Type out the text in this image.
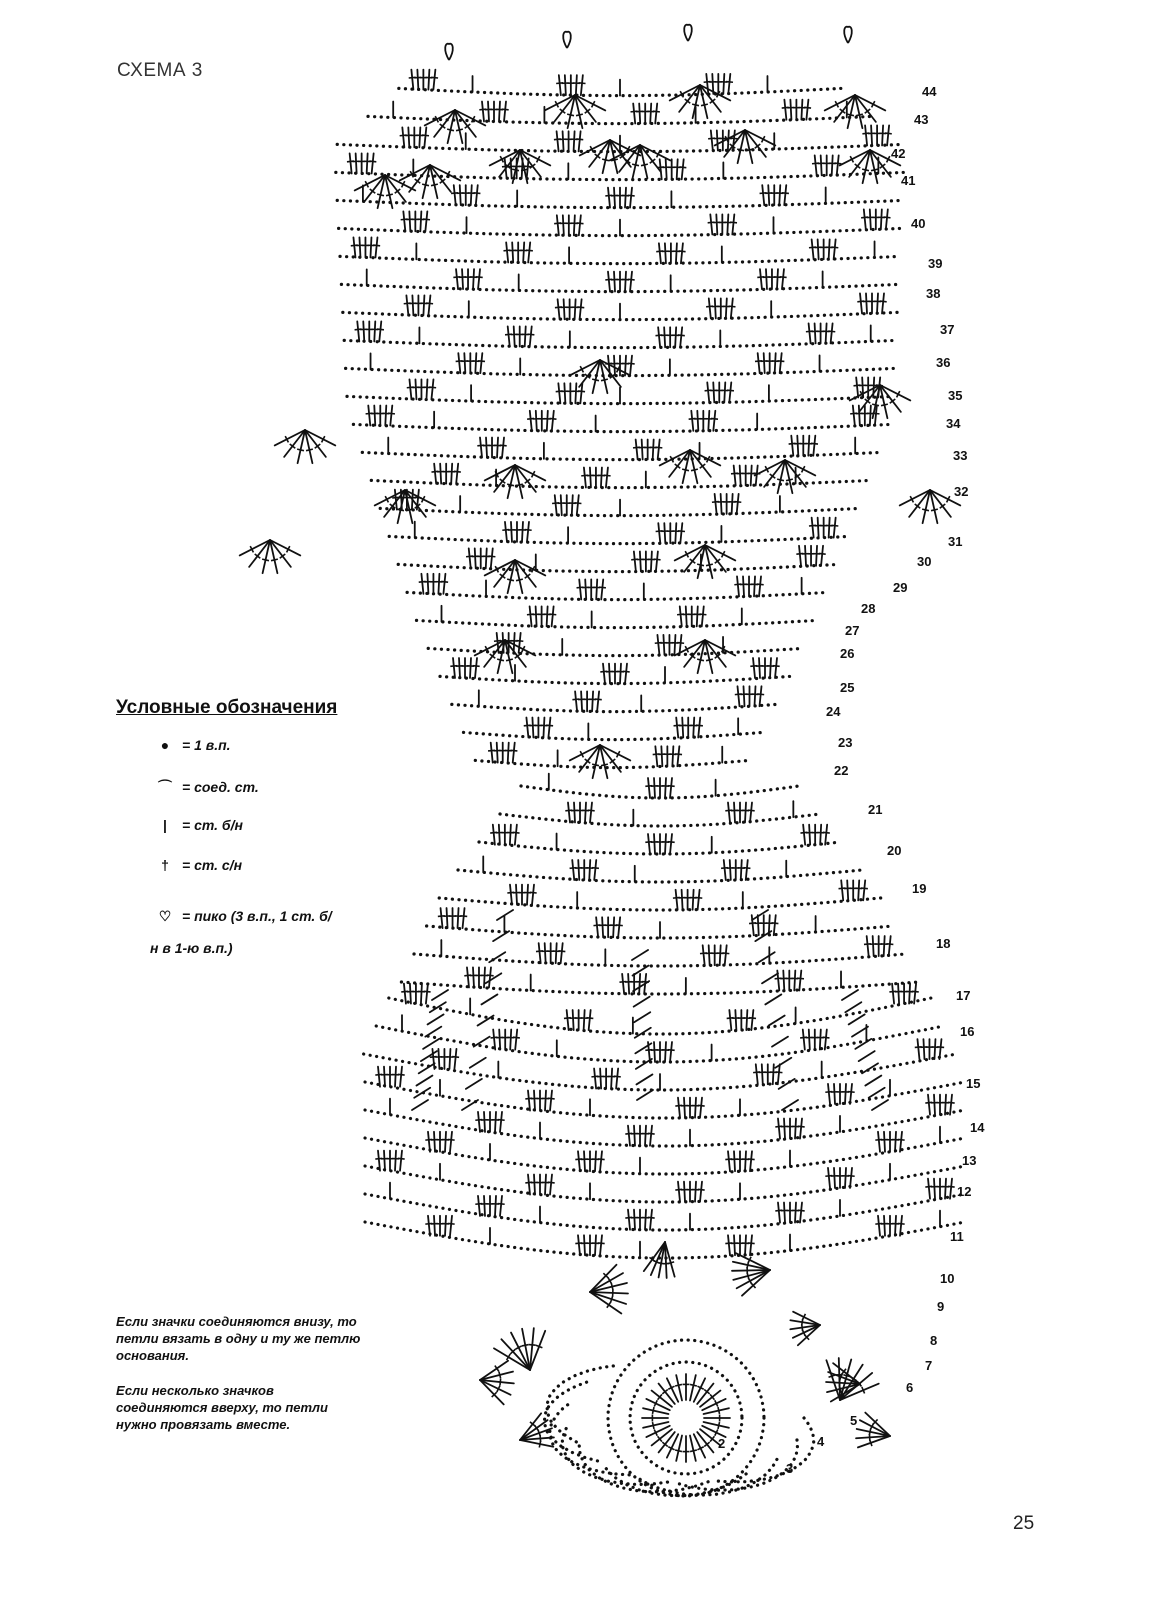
СХЕМА 3
2
3
4
5
6
7
8
9
10
11
12
13
14
15
16
17
18
19
20
21
22
23
24
25
26
27
28
29
30
31
32
33
34
35
36
37
38
39
40
41
42
43
44
Условные обозначения
● = 1 в.п.
⌒ = соед. ст.
| = ст. б/н
† = ст. с/н
♡ = пико (3 в.п., 1 ст. б/н в 1-ю в.п.)
Если значки соединяются внизу, то петли вязать в одну и ту же петлю основания.
Если несколько значков соединяются вверху, то петли нужно провязать вместе.
25
